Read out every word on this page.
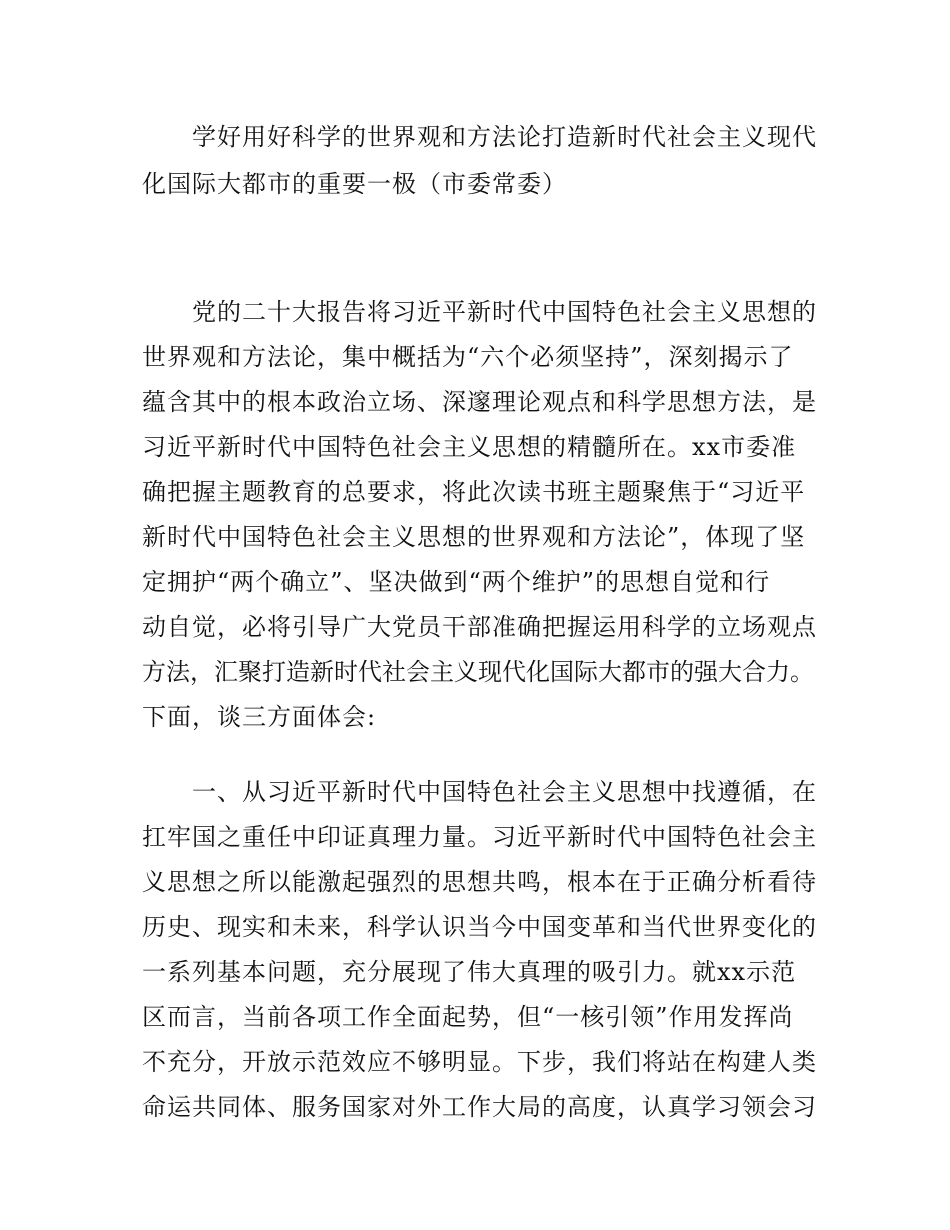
学好用好科学的世界观和方法论打造新时代社会主义现代
化国际大都市的重要一极（市委常委）
党的二十大报告将习近平新时代中国特色社会主义思想的
世界观和方法论，集中概括为“六个必须坚持”，深刻揭示了
蕴含其中的根本政治立场、深邃理论观点和科学思想方法，是
习近平新时代中国特色社会主义思想的精髓所在。xx市委准
确把握主题教育的总要求，将此次读书班主题聚焦于“习近平
新时代中国特色社会主义思想的世界观和方法论”，体现了坚
定拥护“两个确立”、坚决做到“两个维护”的思想自觉和行
动自觉，必将引导广大党员干部准确把握运用科学的立场观点
方法，汇聚打造新时代社会主义现代化国际大都市的强大合力。
下面，谈三方面体会:
一、从习近平新时代中国特色社会主义思想中找遵循，在
扛牢国之重任中印证真理力量。习近平新时代中国特色社会主
义思想之所以能激起强烈的思想共鸣，根本在于正确分析看待
历史、现实和未来，科学认识当今中国变革和当代世界变化的
一系列基本问题，充分展现了伟大真理的吸引力。就xx示范
区而言，当前各项工作全面起势，但“一核引领”作用发挥尚
不充分，开放示范效应不够明显。下步，我们将站在构建人类
命运共同体、服务国家对外工作大局的高度，认真学习领会习
